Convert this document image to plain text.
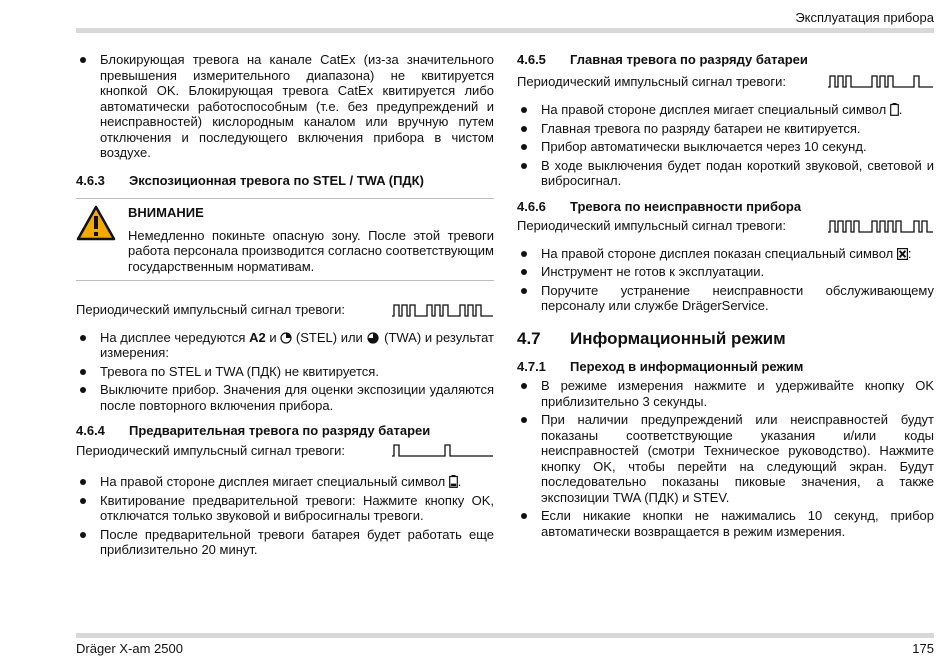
Эксплуатация прибора
Блокирующая тревога на канале CatEx (из-за значительного превышения измерительного диапазона) не квитируется кнопкой OK. Блокирующая тревога CatEx квитируется либо автоматически работоспособным (т.е. без предупреждений и неисправностей) кислородным каналом или вручную путем отключения и последующего включения прибора в чистом воздухе.
4.6.3	Экспозиционная тревога по STEL / TWA (ПДК)
ВНИМАНИЕ
Немедленно покиньте опасную зону. После этой тревоги работа персонала производится согласно соответствующим государственным нормативам.
Периодический импульсный сигнал тревоги:
На дисплее чередуются A2 и  (STEL) или  (TWA) и результат измерения:
Тревога по STEL и TWA (ПДК) не квитируется.
Выключите прибор. Значения для оценки экспозиции удаляются после повторного включения прибора.
4.6.4	Предварительная тревога по разряду батареи
Периодический импульсный сигнал тревоги:
На правой стороне дисплея мигает специальный символ .
Квитирование предварительной тревоги: Нажмите кнопку OK, отключатся только звуковой и вибросигналы тревоги.
После предварительной тревоги батарея будет работать еще приблизительно 20 минут.
4.6.5	Главная тревога по разряду батареи
Периодический импульсный сигнал тревоги:
На правой стороне дисплея мигает специальный символ .
Главная тревога по разряду батареи не квитируется.
Прибор автоматически выключается через 10 секунд.
В ходе выключения будет подан короткий звуковой, световой и вибросигнал.
4.6.6	Тревога по неисправности прибора
Периодический импульсный сигнал тревоги:
На правой стороне дисплея показан специальный символ :
Инструмент не готов к эксплуатации.
Поручите устранение неисправности обслуживающему персоналу или службе DrägerService.
4.7	Информационный режим
4.7.1	Переход в информационный режим
В режиме измерения нажмите и удерживайте кнопку OK приблизительно 3 секунды.
При наличии предупреждений или неисправностей будут показаны соответствующие указания и/или коды неисправностей (смотри Техническое руководство). Нажмите кнопку OK, чтобы перейти на следующий экран. Будут последовательно показаны пиковые значения, а также экспозиции TWA (ПДК) и STEV.
Если никакие кнопки не нажимались 10 секунд, прибор автоматически возвращается в режим измерения.
Dräger X-am 2500	175
